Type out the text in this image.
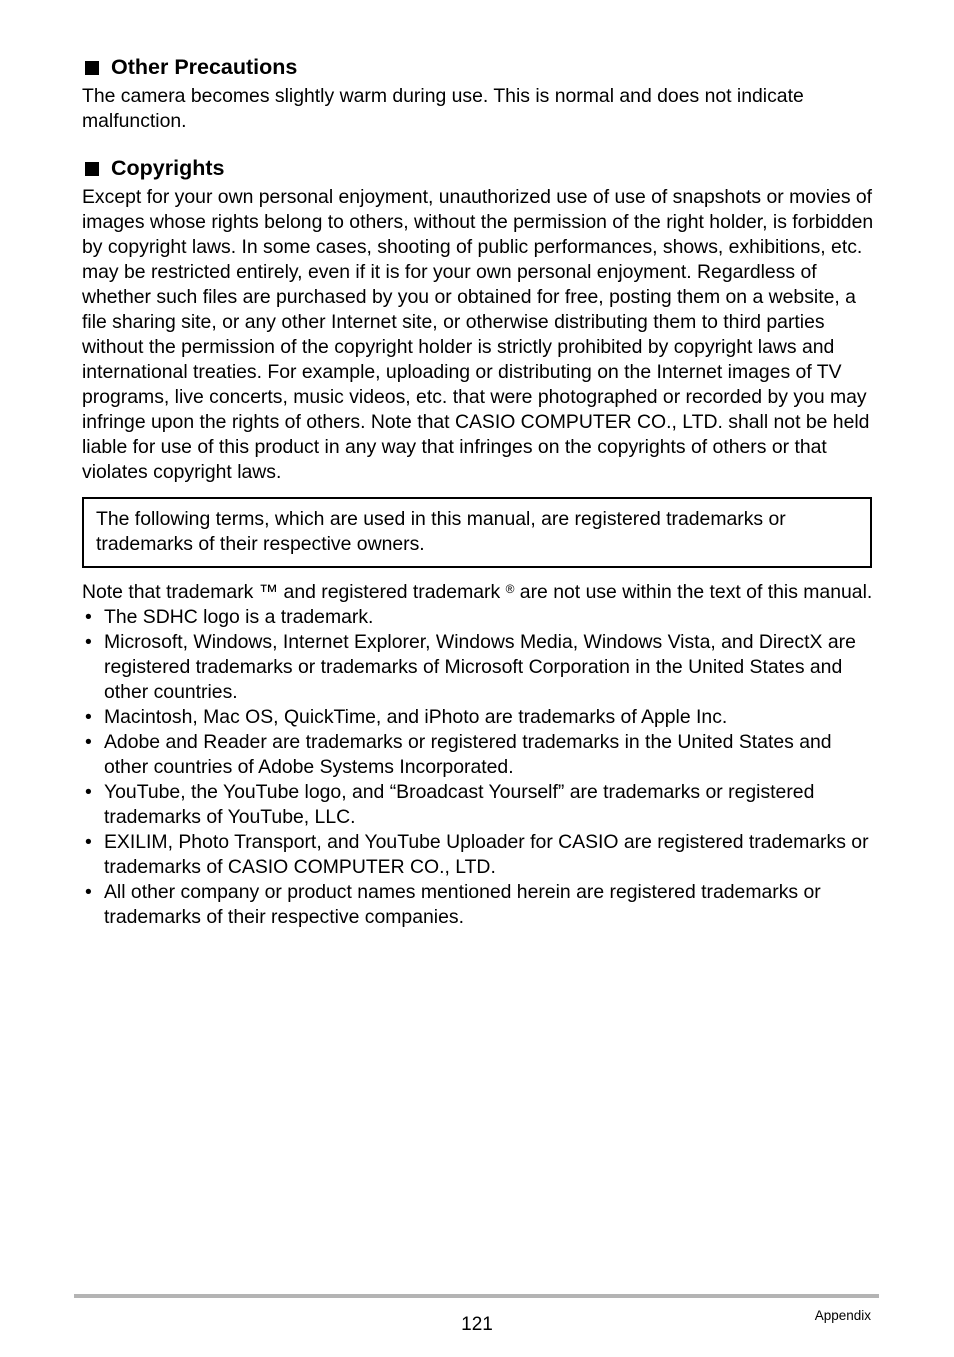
Other Precautions

The camera becomes slightly warm during use. This is normal and does not indicate malfunction.

Copyrights

Except for your own personal enjoyment, unauthorized use of use of snapshots or movies of images whose rights belong to others, without the permission of the right holder, is forbidden by copyright laws. In some cases, shooting of public performances, shows, exhibitions, etc. may be restricted entirely, even if it is for your own personal enjoyment. Regardless of whether such files are purchased by you or obtained for free, posting them on a website, a file sharing site, or any other Internet site, or otherwise distributing them to third parties without the permission of the copyright holder is strictly prohibited by copyright laws and international treaties. For example, uploading or distributing on the Internet images of TV programs, live concerts, music videos, etc. that were photographed or recorded by you may infringe upon the rights of others. Note that CASIO COMPUTER CO., LTD. shall not be held liable for use of this product in any way that infringes on the copyrights of others or that violates copyright laws.

The following terms, which are used in this manual, are registered trademarks or trademarks of their respective owners.

Note that trademark ™ and registered trademark ® are not use within the text of this manual.

• The SDHC logo is a trademark.
• Microsoft, Windows, Internet Explorer, Windows Media, Windows Vista, and DirectX are registered trademarks or trademarks of Microsoft Corporation in the United States and other countries.
• Macintosh, Mac OS, QuickTime, and iPhoto are trademarks of Apple Inc.
• Adobe and Reader are trademarks or registered trademarks in the United States and other countries of Adobe Systems Incorporated.
• YouTube, the YouTube logo, and “Broadcast Yourself” are trademarks or registered trademarks of YouTube, LLC.
• EXILIM, Photo Transport, and YouTube Uploader for CASIO are registered trademarks or trademarks of CASIO COMPUTER CO., LTD.
• All other company or product names mentioned herein are registered trademarks or trademarks of their respective companies.
121	Appendix
